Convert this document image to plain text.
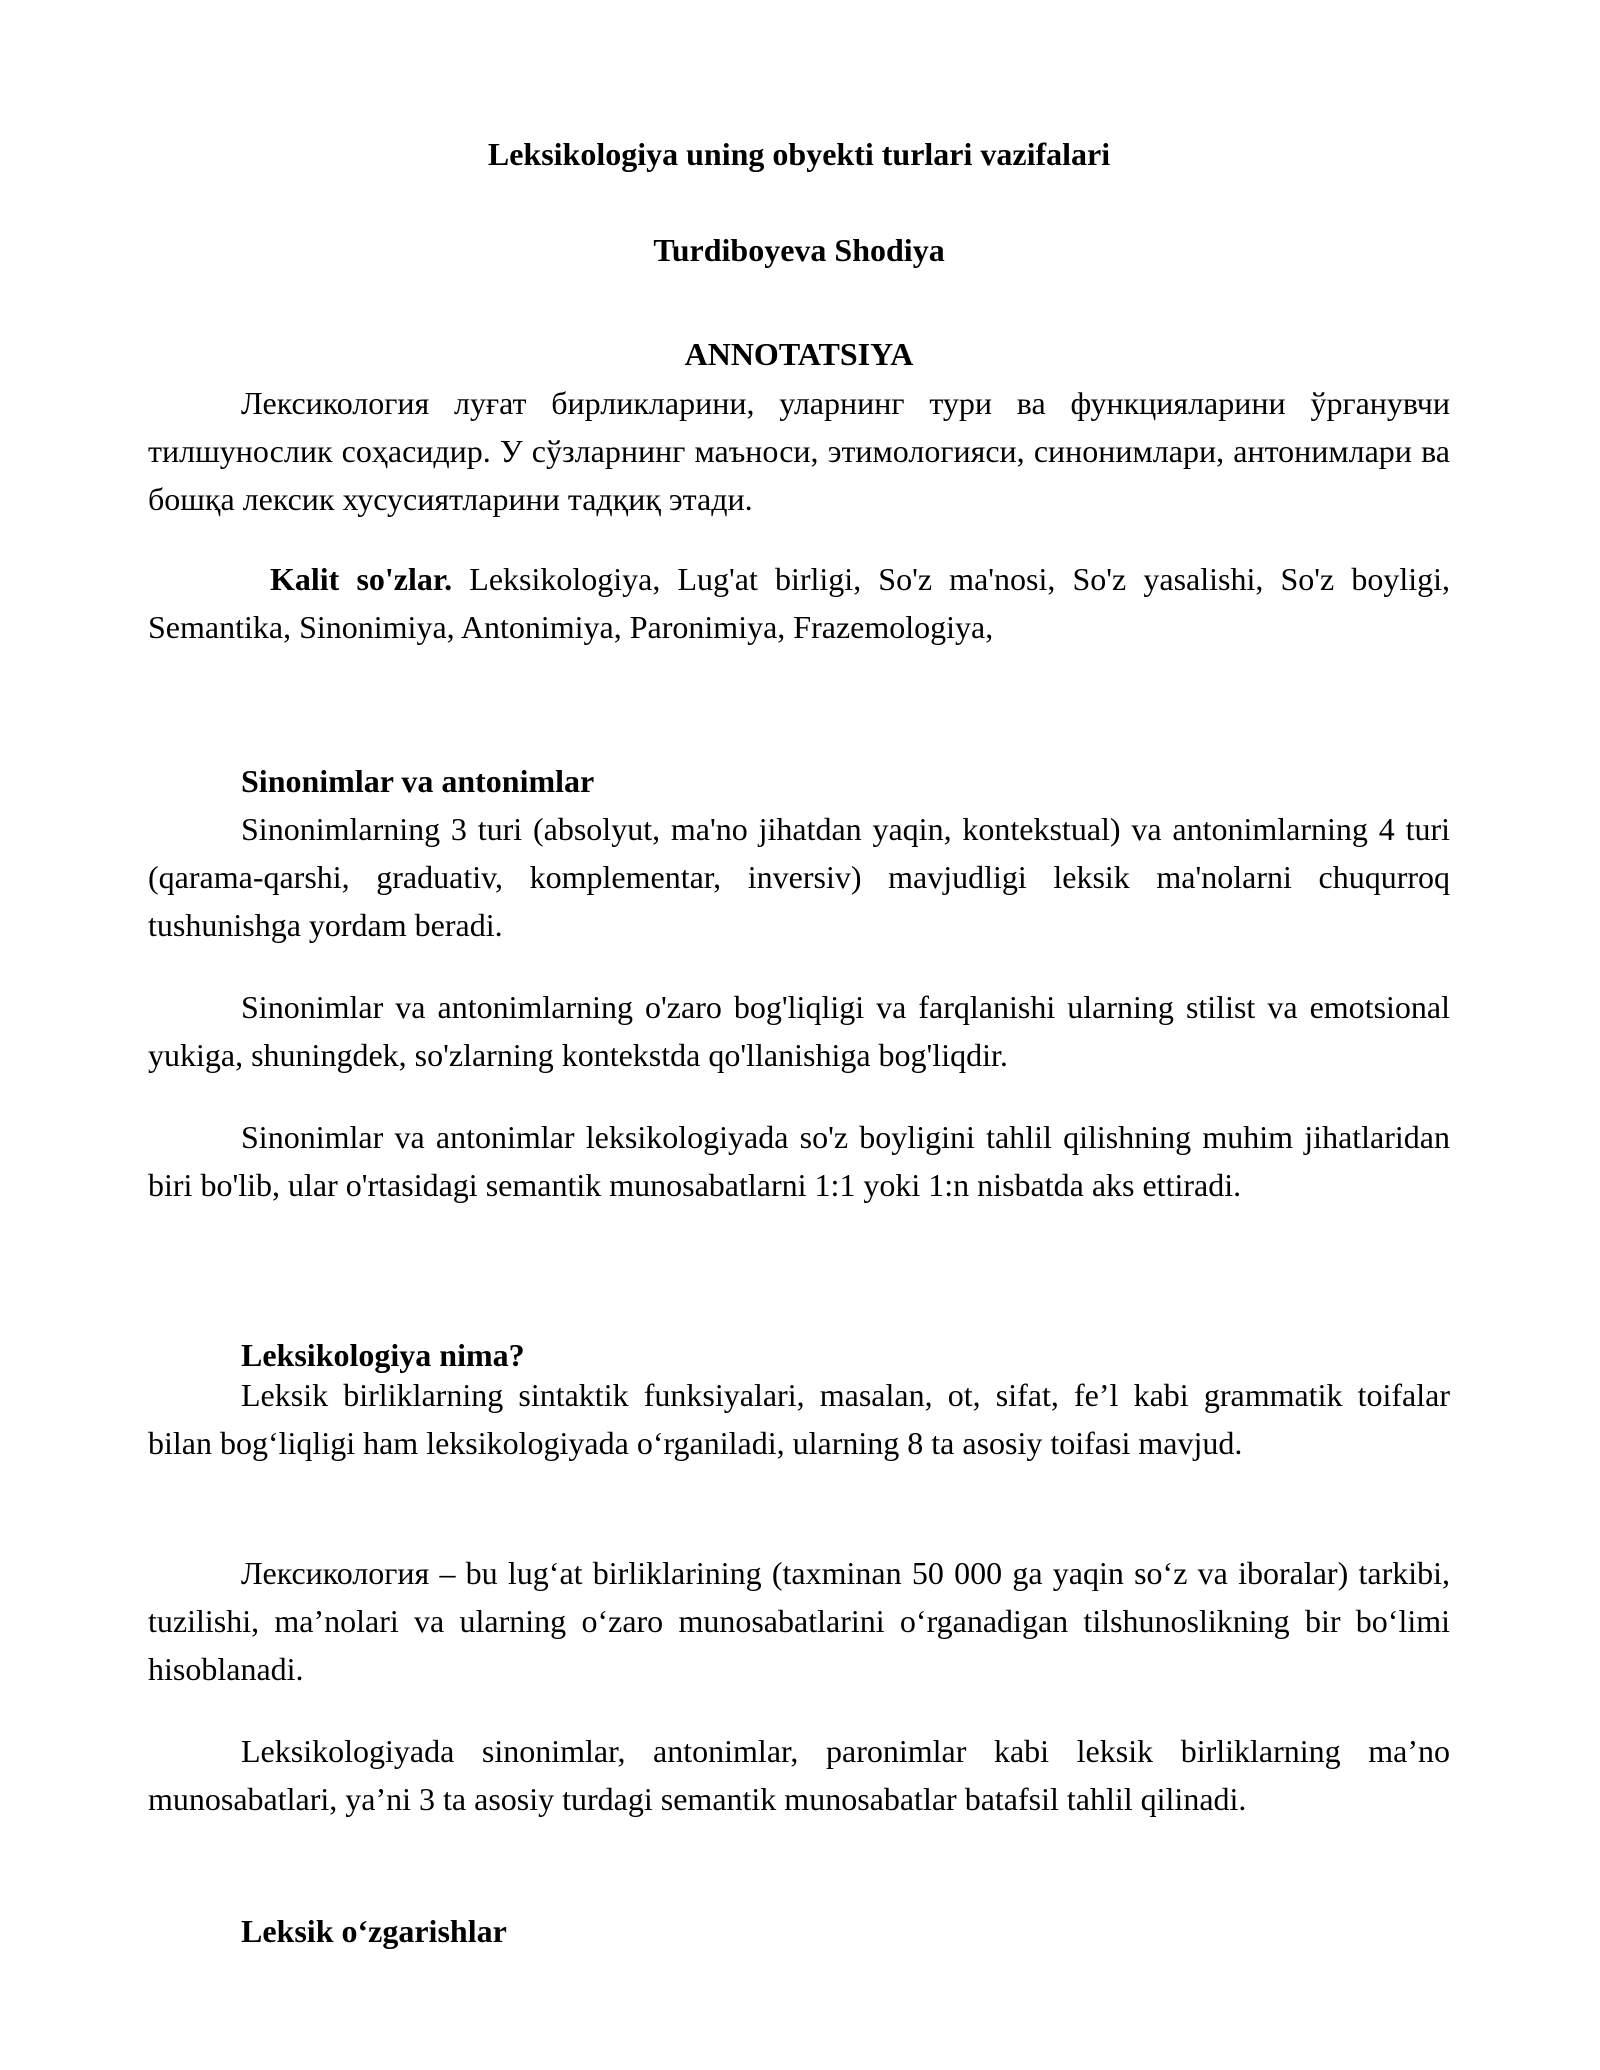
Leksikologiya uning obyekti turlari vazifalari

Turdiboyeva Shodiya

ANNOTATSIYA

Лексикология луғат бирликларини, уларнинг тури ва функцияларини ўрганувчи тилшунослик соҳасидир. У сўзларнинг маъноси, этимологияси, синонимлари, антонимлари ва бошқа лексик хусусиятларини тадқиқ этади.

Kalit so'zlar. Leksikologiya, Lug'at birligi, So'z ma'nosi, So'z yasalishi, So'z boyligi, Semantika, Sinonimiya, Antonimiya, Paronimiya, Frazemologiya,

Sinonimlar va antonimlar

Sinonimlarning 3 turi (absolyut, ma'no jihatdan yaqin, kontekstual) va antonimlarning 4 turi (qarama-qarshi, graduativ, komplementar, inversiv) mavjudligi leksik ma'nolarni chuqurroq tushunishga yordam beradi.

Sinonimlar va antonimlarning o'zaro bog'liqligi va farqlanishi ularning stilist va emotsional yukiga, shuningdek, so'zlarning kontekstda qo'llanishiga bog'liqdir.

Sinonimlar va antonimlar leksikologiyada so'z boyligini tahlil qilishning muhim jihatlaridan biri bo'lib, ular o'rtasidagi semantik munosabatlarni 1:1 yoki 1:n nisbatda aks ettiradi.

Leksikologiya nima?

Leksik birliklarning sintaktik funksiyalari, masalan, ot, sifat, fe’l kabi grammatik toifalar bilan bog‘liqligi ham leksikologiyada o‘rganiladi, ularning 8 ta asosiy toifasi mavjud.

Лексикология – bu lug‘at birliklarining (taxminan 50 000 ga yaqin so‘z va iboralar) tarkibi, tuzilishi, ma’nolari va ularning o‘zaro munosabatlarini o‘rganadigan tilshunoslikning bir bo‘limi hisoblanadi.

Leksikologiyada sinonimlar, antonimlar, paronimlar kabi leksik birliklarning ma’no munosabatlari, ya’ni 3 ta asosiy turdagi semantik munosabatlar batafsil tahlil qilinadi.

Leksik o‘zgarishlar
